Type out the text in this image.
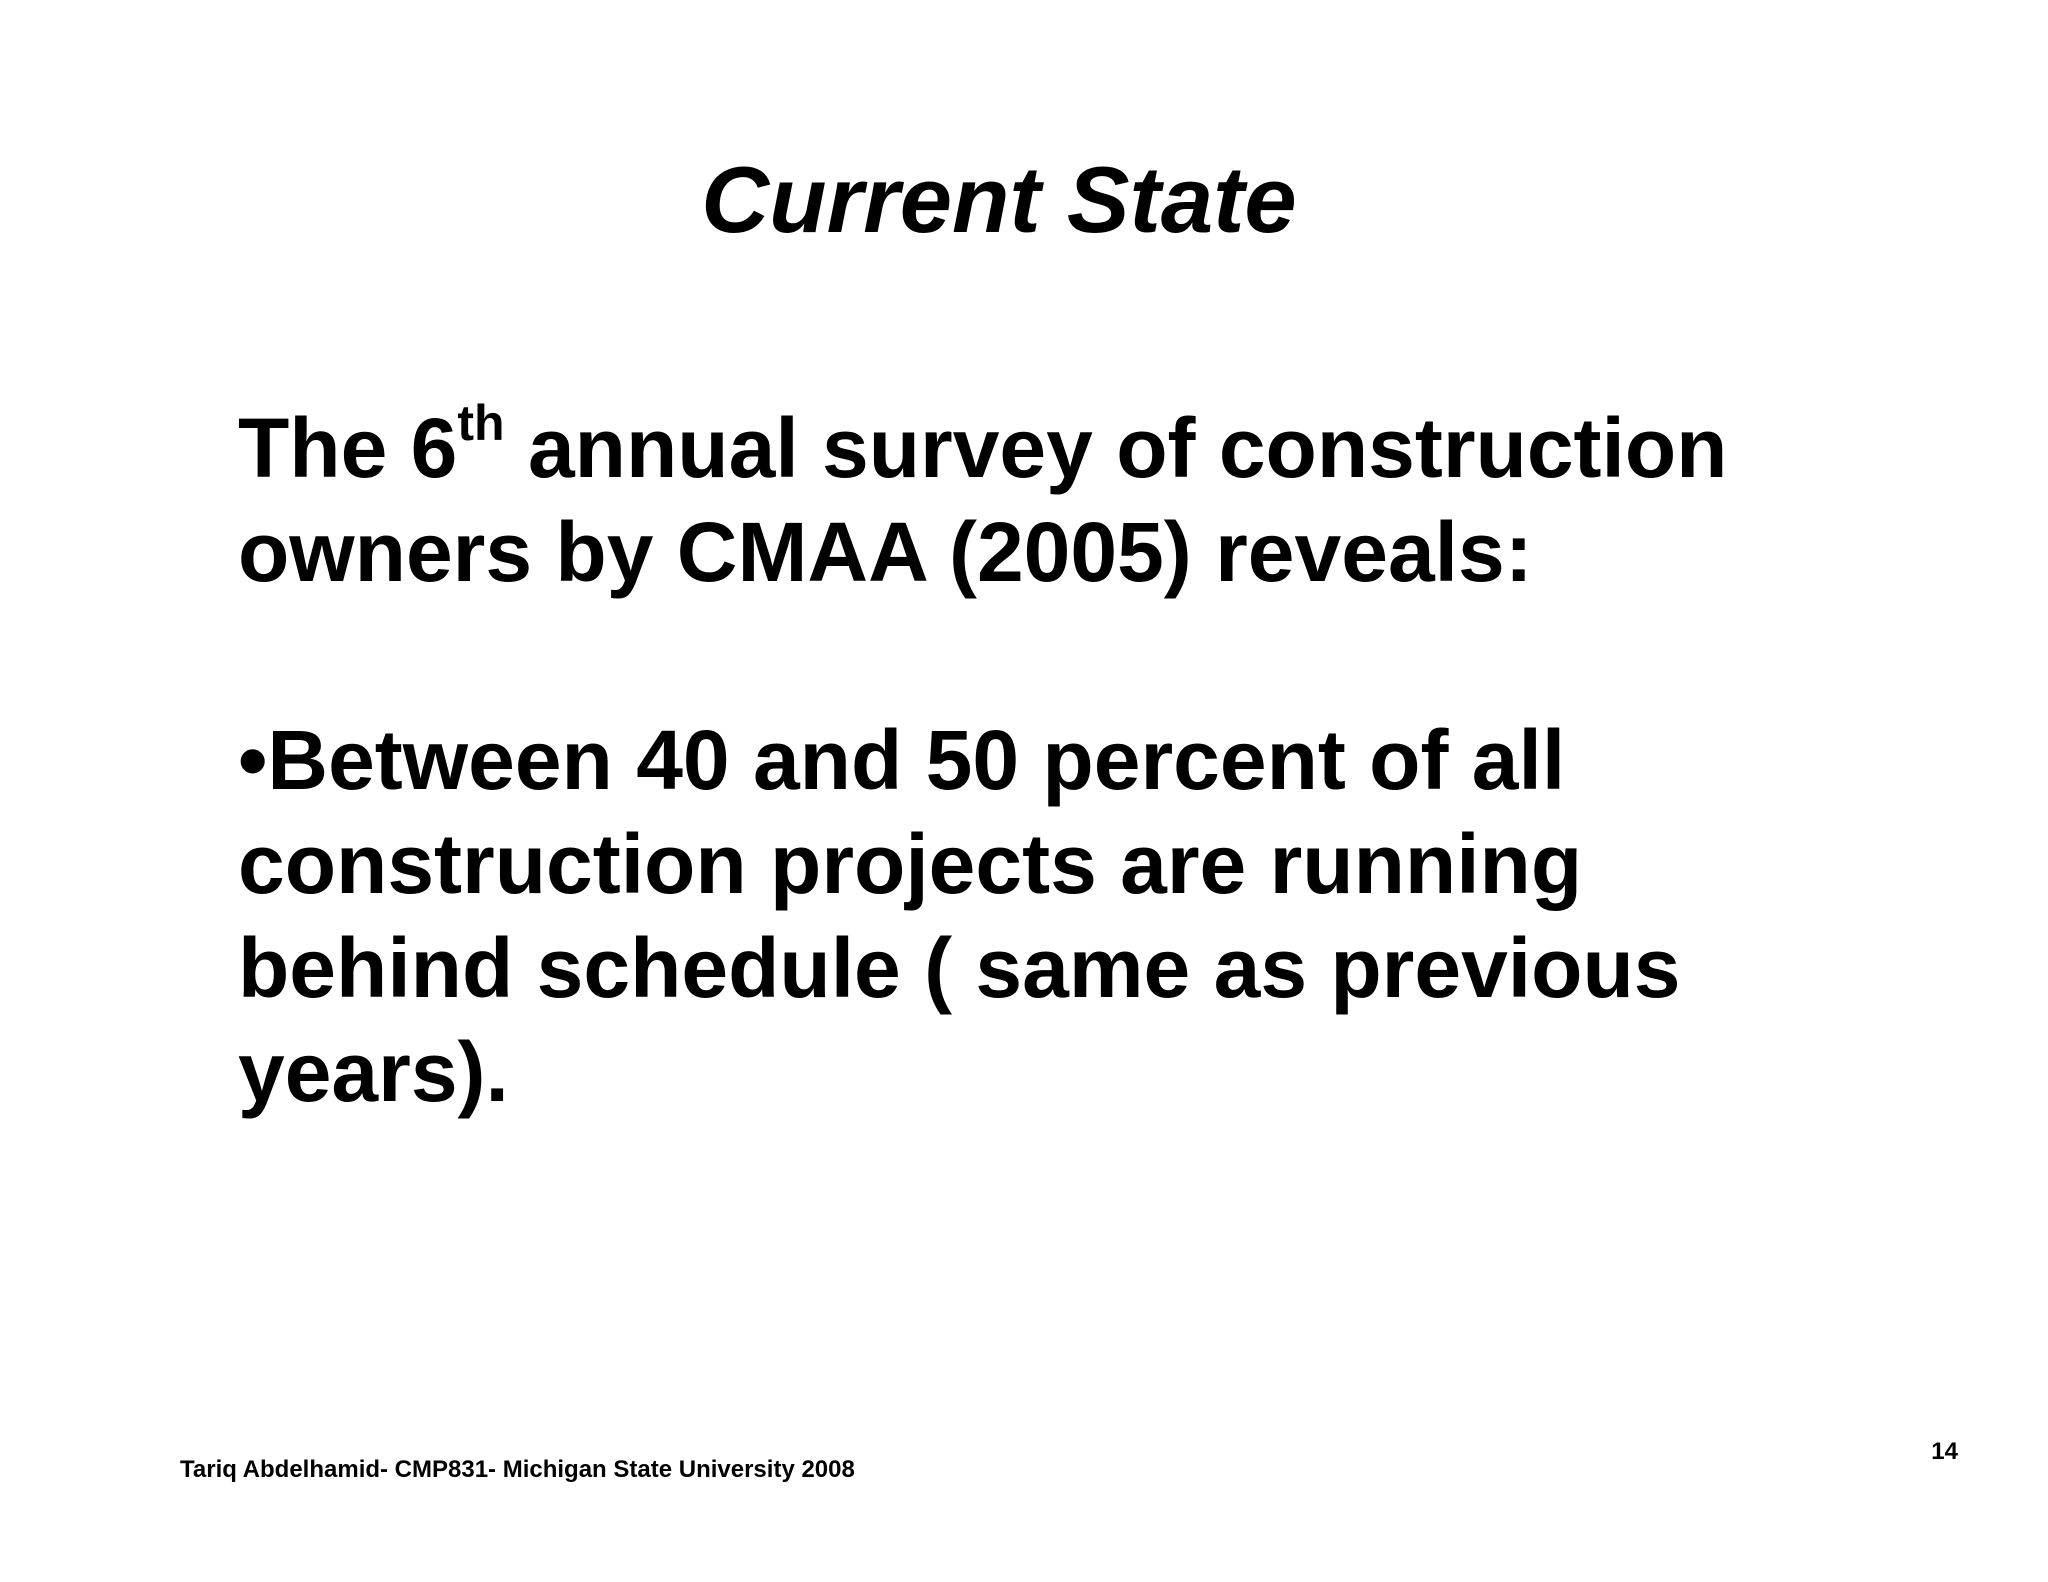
Current State

The 6th annual survey of construction owners by CMAA (2005) reveals:

•Between 40 and 50 percent of all construction projects are running behind schedule ( same as previous years).

Tariq Abdelhamid- CMP831- Michigan State University 2008
14
